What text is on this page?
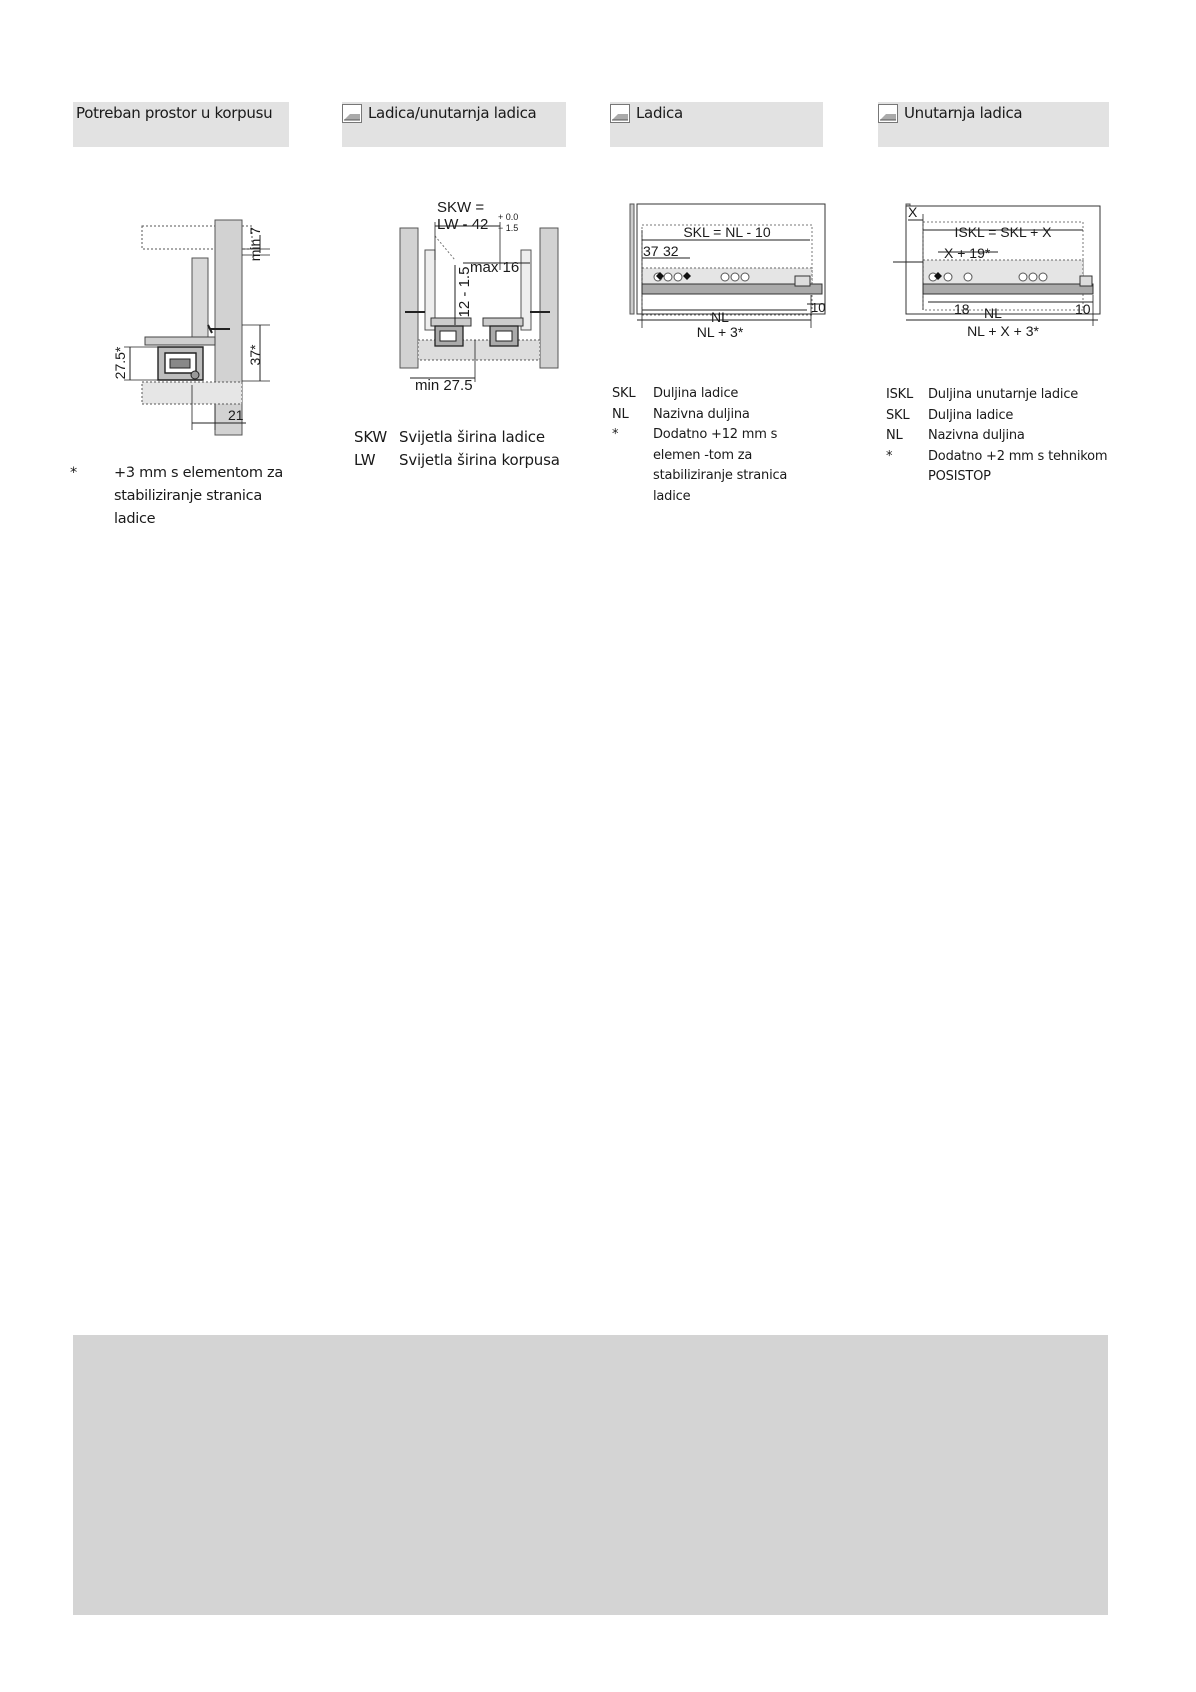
Potreban prostor u korpusu	Ladica/unutarnja ladica	Ladica	Unutarnja ladica
min 7
37*
27.5*
21
*	+3 mm s elementom za stabiliziranje stranica ladice
SKW =
LW - 42 + 0.0
− 1.5
max 16
12 - 1.5
min 27.5
SKW Svijetla širina ladice
LW Svijetla širina korpusa
SKL = NL - 10
37 32
10
NL
NL + 3*
SKL Duljina ladice
NL Nazivna duljina
*	Dodatno +12 mm s elemen -tom za stabiliziranje stranica ladice
X
ISKL = SKL + X
X + 19*
18 NL	10
NL + X + 3*
ISKL Duljina unutarnje ladice
SKL Duljina ladice
NL Nazivna duljina
*	Dodatno +2 mm s tehnikom POSISTOP
